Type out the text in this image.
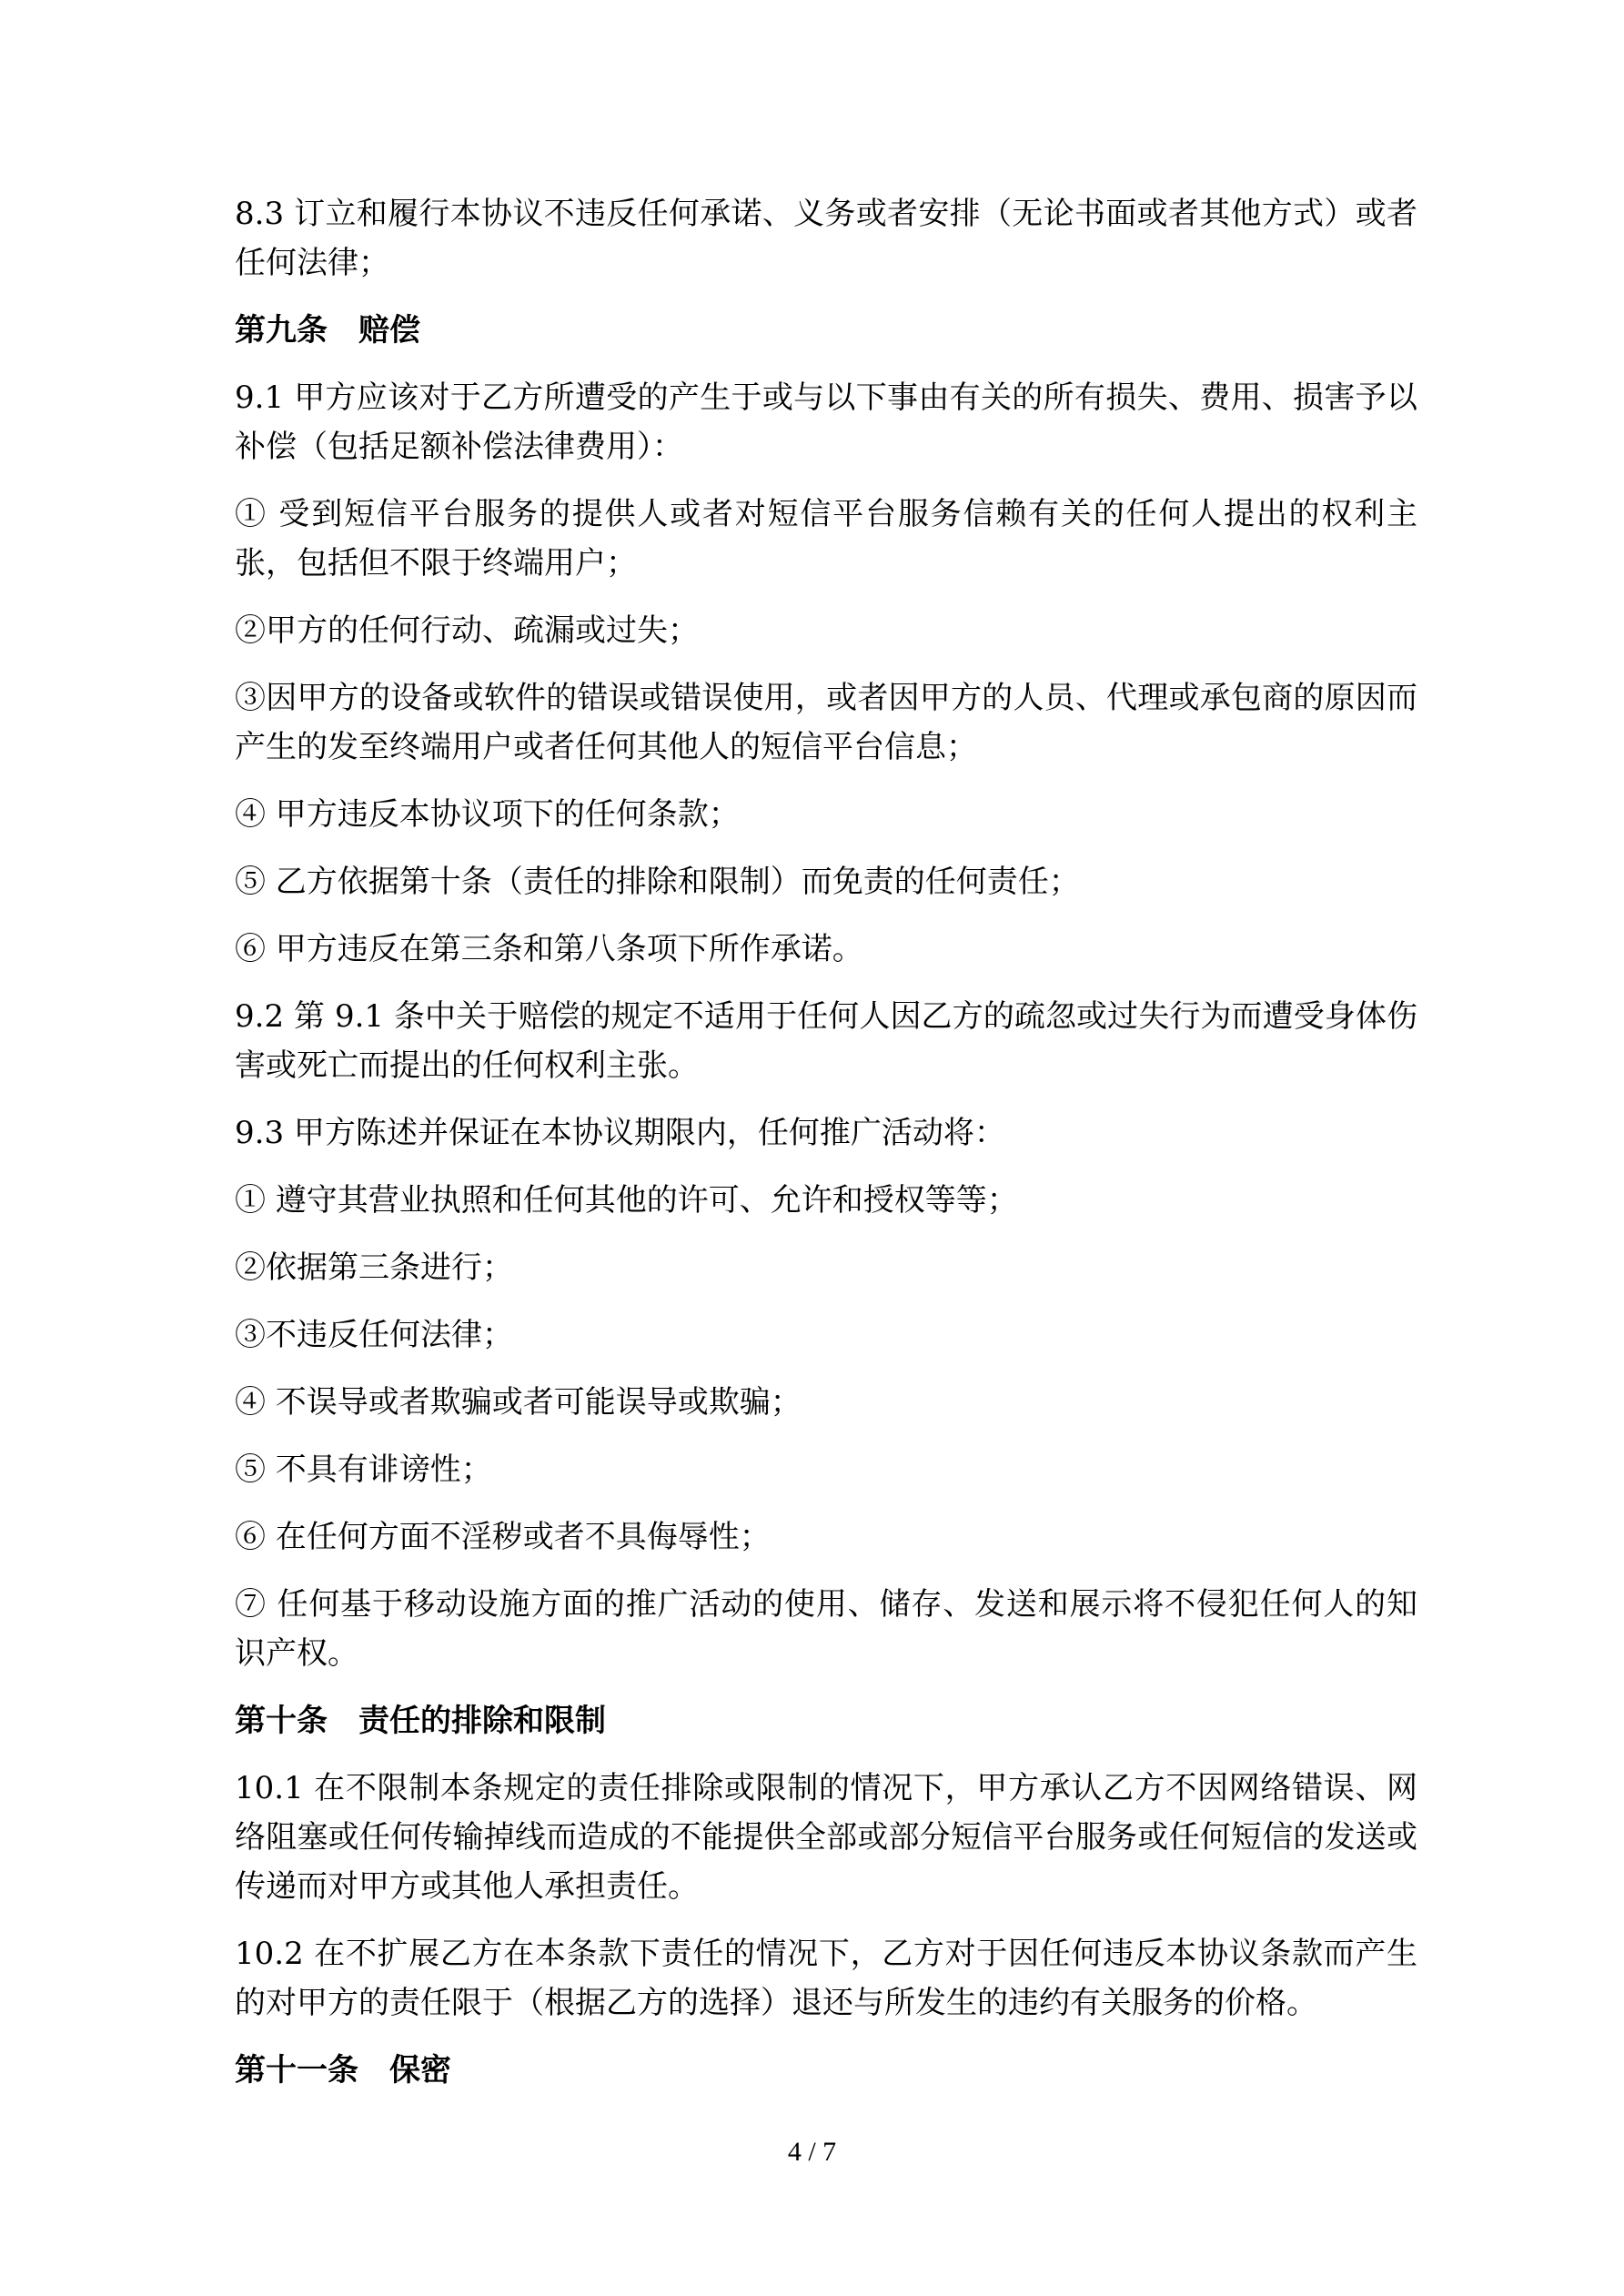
8.3 订立和履行本协议不违反任何承诺、义务或者安排（无论书面或者其他方式）或者任何法律；

第九条　赔偿

9.1 甲方应该对于乙方所遭受的产生于或与以下事由有关的所有损失、费用、损害予以补偿（包括足额补偿法律费用）：

① 受到短信平台服务的提供人或者对短信平台服务信赖有关的任何人提出的权利主张，包括但不限于终端用户；

②甲方的任何行动、疏漏或过失；

③因甲方的设备或软件的错误或错误使用，或者因甲方的人员、代理或承包商的原因而产生的发至终端用户或者任何其他人的短信平台信息；

④ 甲方违反本协议项下的任何条款；

⑤ 乙方依据第十条（责任的排除和限制）而免责的任何责任；

⑥ 甲方违反在第三条和第八条项下所作承诺。

9.2 第 9.1 条中关于赔偿的规定不适用于任何人因乙方的疏忽或过失行为而遭受身体伤害或死亡而提出的任何权利主张。

9.3 甲方陈述并保证在本协议期限内，任何推广活动将：

① 遵守其营业执照和任何其他的许可、允许和授权等等；

②依据第三条进行；

③不违反任何法律；

④ 不误导或者欺骗或者可能误导或欺骗；

⑤ 不具有诽谤性；

⑥ 在任何方面不淫秽或者不具侮辱性；

⑦ 任何基于移动设施方面的推广活动的使用、储存、发送和展示将不侵犯任何人的知识产权。

第十条　责任的排除和限制

10.1 在不限制本条规定的责任排除或限制的情况下，甲方承认乙方不因网络错误、网络阻塞或任何传输掉线而造成的不能提供全部或部分短信平台服务或任何短信的发送或传递而对甲方或其他人承担责任。

10.2 在不扩展乙方在本条款下责任的情况下，乙方对于因任何违反本协议条款而产生的对甲方的责任限于（根据乙方的选择）退还与所发生的违约有关服务的价格。

第十一条　保密

4 / 7
